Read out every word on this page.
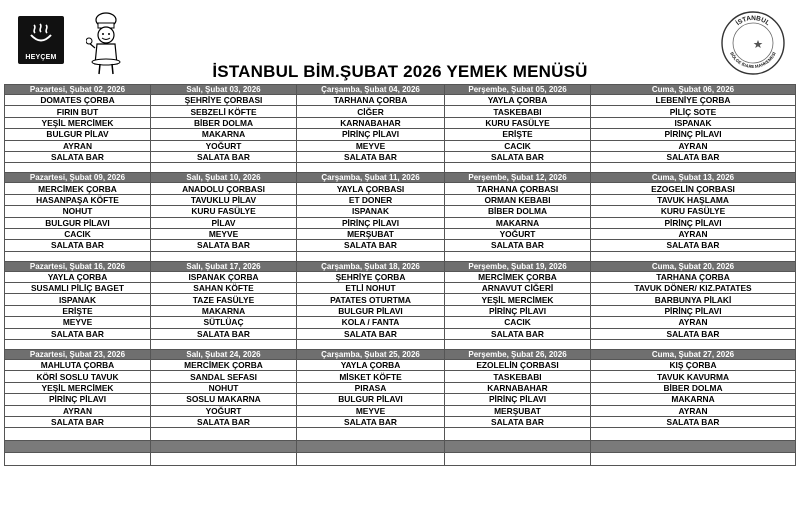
HEYÇEM
İSTANBUL
BÖLGE İDARE MAHKEMESİ
İSTANBUL BİM.ŞUBAT 2026 YEMEK MENÜSÜ
Pazartesi, Şubat 02, 2026	Salı, Şubat 03, 2026	Çarşamba, Şubat 04, 2026	Perşembe, Şubat 05, 2026	Cuma, Şubat 06, 2026
DOMATES ÇORBA	ŞEHRİYE ÇORBASI	TARHANA ÇORBA	YAYLA ÇORBA	LEBENİYE ÇORBA
FIRIN BUT	SEBZELİ KÖFTE	CİĞER	TASKEBABI	PİLİÇ SOTE
YEŞİL MERCİMEK	BİBER DOLMA	KARNABAHAR	KURU FASÜLYE	ISPANAK
BULGUR PİLAV	MAKARNA	PİRİNÇ PİLAVI	ERİŞTE	PİRİNÇ PİLAVI
AYRAN	YOĞURT	MEYVE	CACIK	AYRAN
SALATA BAR	SALATA BAR	SALATA BAR	SALATA BAR	SALATA BAR

Pazartesi, Şubat 09, 2026	Salı, Şubat 10, 2026	Çarşamba, Şubat 11, 2026	Perşembe, Şubat 12, 2026	Cuma, Şubat 13, 2026
MERCİMEK ÇORBA	ANADOLU ÇORBASI	YAYLA ÇORBASI	TARHANA ÇORBASI	EZOGELİN ÇORBASI
HASANPAŞA KÖFTE	TAVUKLU PİLAV	ET DONER	ORMAN KEBABI	TAVUK HAŞLAMA
NOHUT	KURU FASÜLYE	ISPANAK	BİBER DOLMA	KURU FASÜLYE
BULGUR PİLAVI	PİLAV	PİRİNÇ PİLAVI	MAKARNA	PİRİNÇ PİLAVI
CACIK	MEYVE	MERŞUBAT	YOĞURT	AYRAN
SALATA BAR	SALATA BAR	SALATA BAR	SALATA BAR	SALATA BAR

Pazartesi, Şubat 16, 2026	Salı, Şubat 17, 2026	Çarşamba, Şubat 18, 2026	Perşembe, Şubat 19, 2026	Cuma, Şubat 20, 2026
YAYLA ÇORBA	ISPANAK ÇORBA	ŞEHRİYE ÇORBA	MERCİMEK ÇORBA	TARHANA ÇORBA
SUSAMLI PİLİÇ BAGET	SAHAN KÖFTE	ETLİ NOHUT	ARNAVUT CİĞERİ	TAVUK DÖNER/ KIZ.PATATES
ISPANAK	TAZE FASÜLYE	PATATES OTURTMA	YEŞİL MERCİMEK	BARBUNYA PİLAKİ
ERİŞTE	MAKARNA	BULGUR PİLAVI	PİRİNÇ PİLAVI	PİRİNÇ PİLAVI
MEYVE	SÜTLÜAÇ	KOLA / FANTA	CACIK	AYRAN
SALATA BAR	SALATA BAR	SALATA BAR	SALATA BAR	SALATA BAR

Pazartesi, Şubat 23, 2026	Salı, Şubat 24, 2026	Çarşamba, Şubat 25, 2026	Perşembe, Şubat 26, 2026	Cuma, Şubat 27, 2026
MAHLUTA ÇORBA	MERCİMEK ÇORBA	YAYLA ÇORBA	EZOLELİN ÇORBASI	KIŞ ÇORBA
KÖRİ SOSLU TAVUK	SANDAL SEFASI	MİSKET KÖFTE	TASKEBABI	TAVUK KAVURMA
YEŞİL MERCİMEK	NOHUT	PIRASA	KARNABAHAR	BİBER DOLMA
PİRİNÇ PİLAVI	SOSLU MAKARNA	BULGUR PİLAVI	PİRİNÇ PİLAVI	MAKARNA
AYRAN	YOĞURT	MEYVE	MERŞUBAT	AYRAN
SALATA BAR	SALATA BAR	SALATA BAR	SALATA BAR	SALATA BAR
